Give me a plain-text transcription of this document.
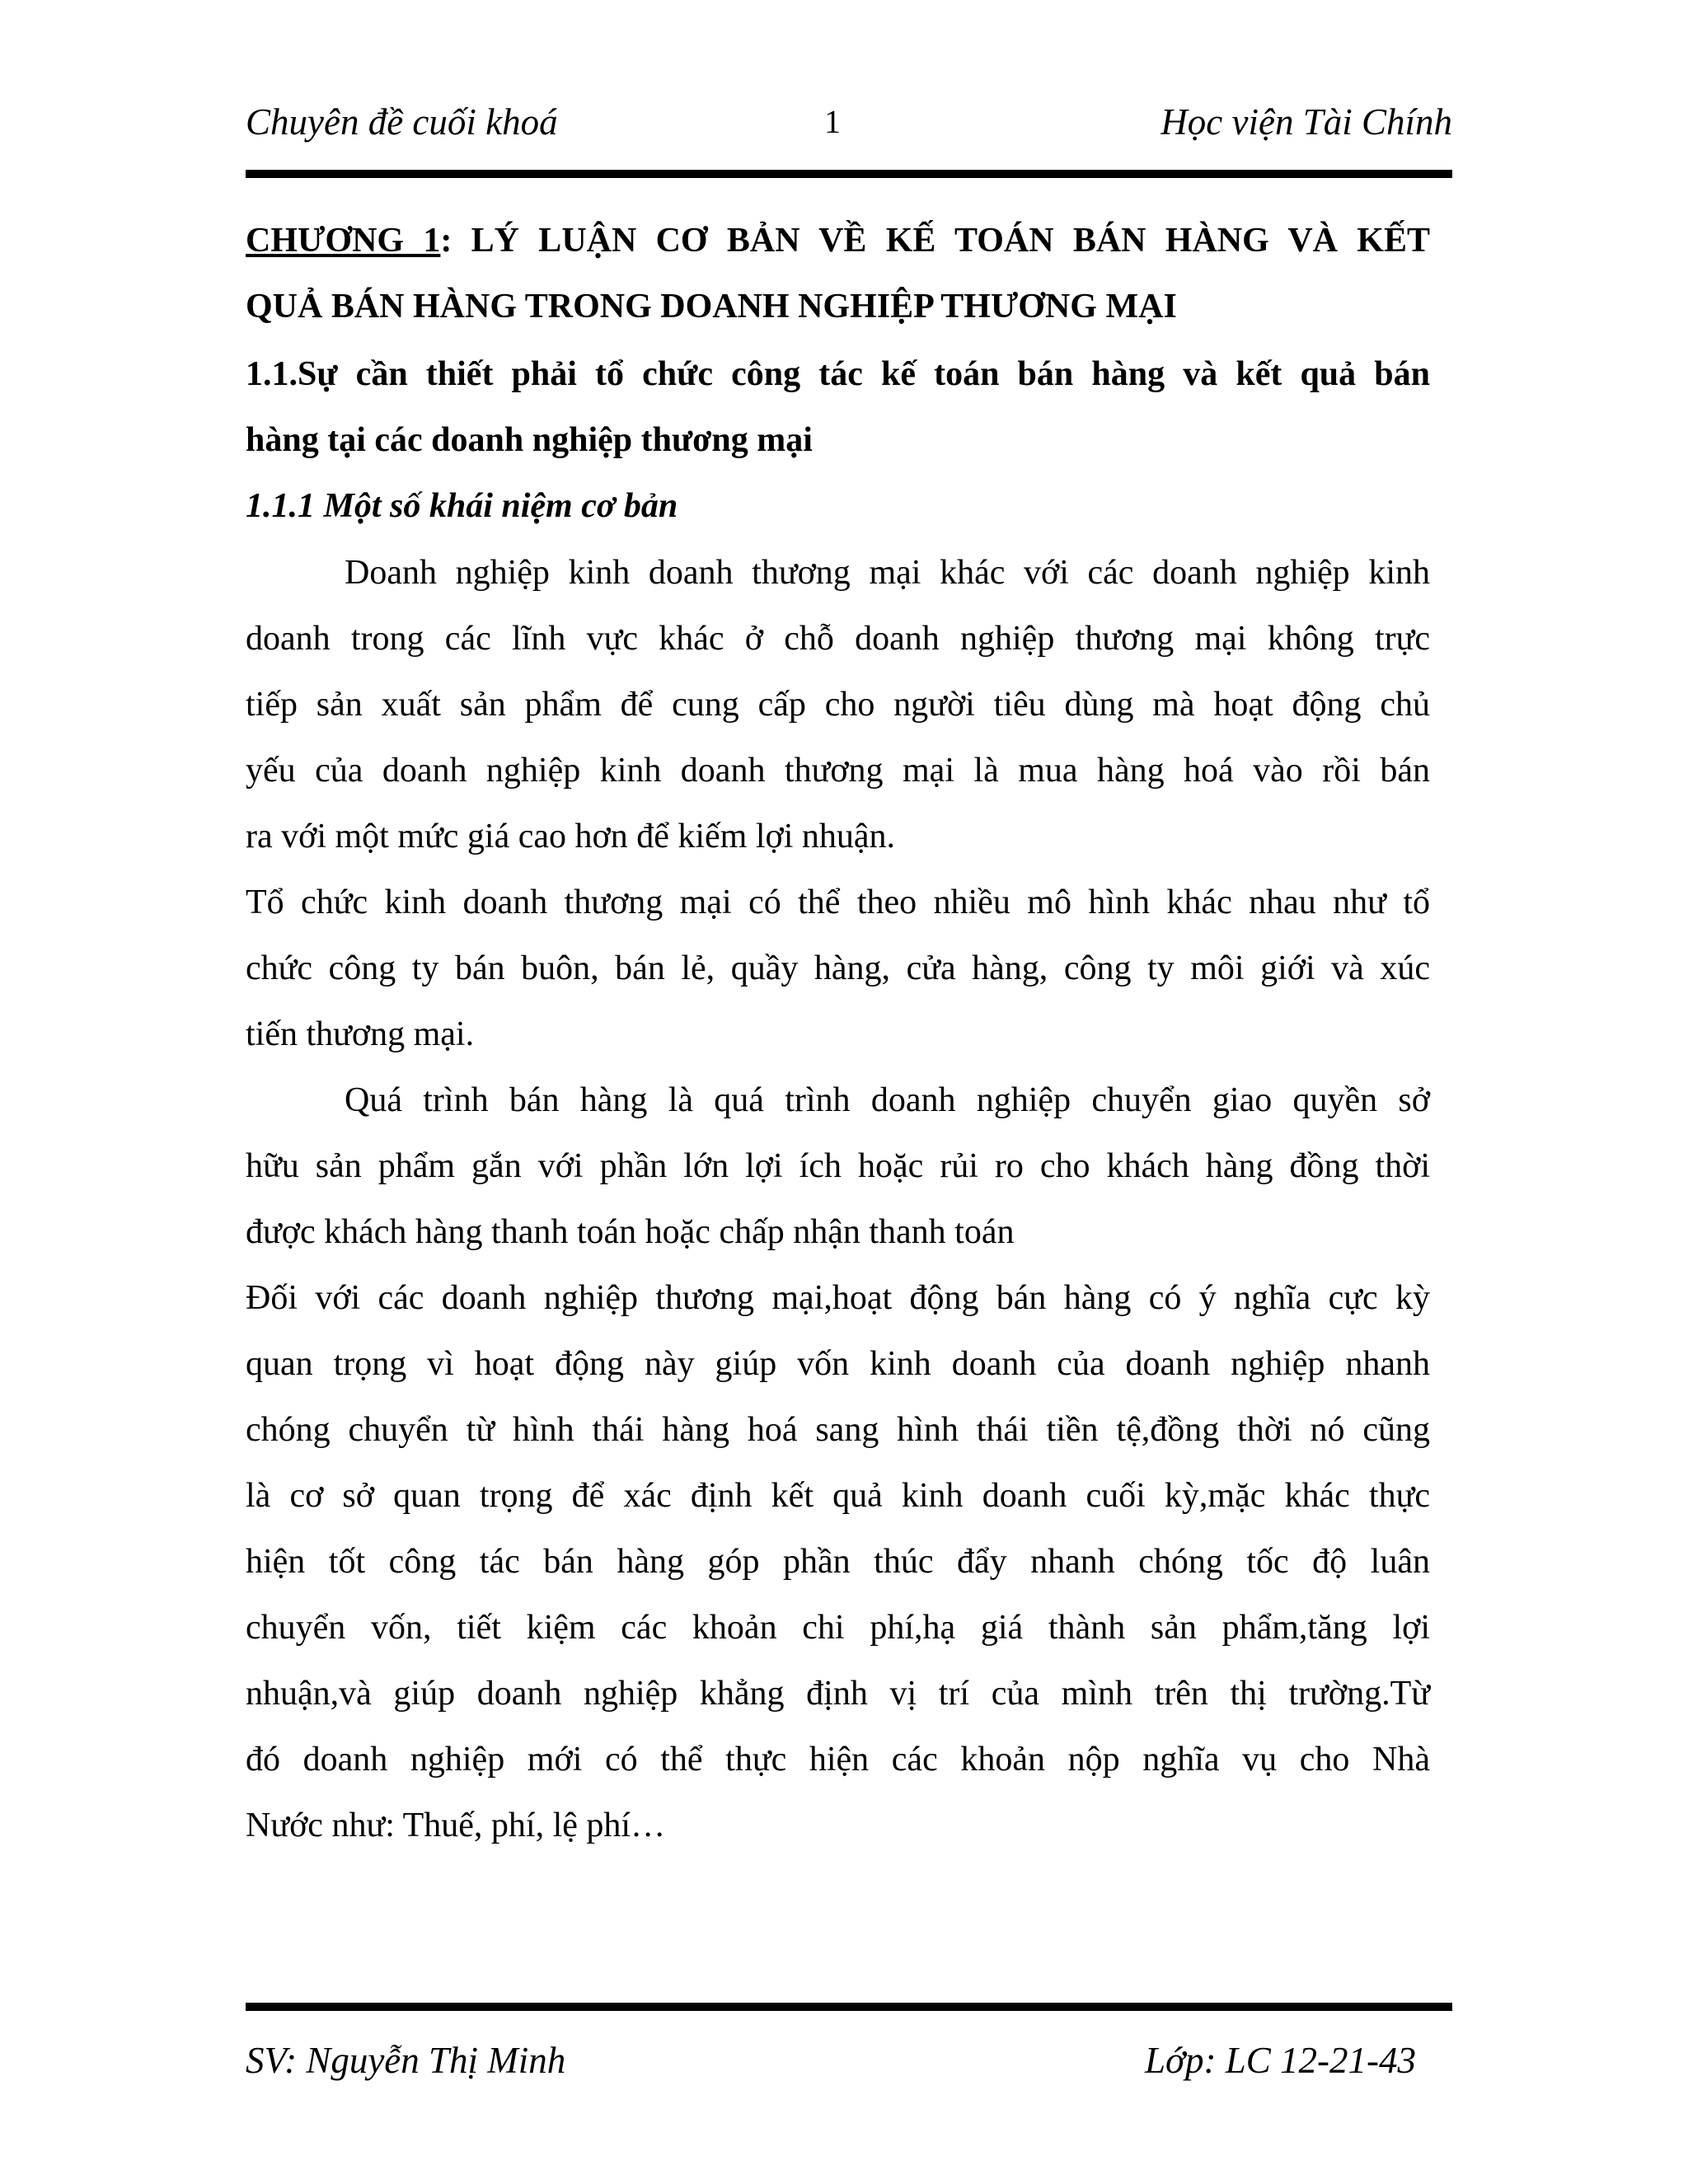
Chuyên đề cuối khoá	1	Học viện Tài Chính
CHƯƠNG 1: LÝ LUẬN CƠ BẢN VỀ KẾ TOÁN BÁN HÀNG VÀ KẾT
QUẢ BÁN HÀNG TRONG DOANH NGHIỆP THƯƠNG MẠI
1.1.Sự cần thiết phải tổ chức công tác kế toán bán hàng và kết quả bán
hàng tại các doanh nghiệp thương mại
1.1.1 Một số khái niệm cơ bản
Doanh nghiệp kinh doanh thương mại khác với các doanh nghiệp kinh
doanh trong các lĩnh vực khác ở chỗ doanh nghiệp thương mại không trực
tiếp sản xuất sản phẩm để cung cấp cho người tiêu dùng mà hoạt động chủ
yếu của doanh nghiệp kinh doanh thương mại là mua hàng hoá vào rồi bán
ra với một mức giá cao hơn để kiếm lợi nhuận.
Tổ chức kinh doanh thương mại có thể theo nhiều mô hình khác nhau như tổ
chức công ty bán buôn, bán lẻ, quầy hàng, cửa hàng, công ty môi giới và xúc
tiến thương mại.
Quá trình bán hàng là quá trình doanh nghiệp chuyển giao quyền sở
hữu sản phẩm gắn với phần lớn lợi ích hoặc rủi ro cho khách hàng đồng thời
được khách hàng thanh toán hoặc chấp nhận thanh toán
Đối với các doanh nghiệp thương mại,hoạt động bán hàng có ý nghĩa cực kỳ
quan trọng vì hoạt động này giúp vốn kinh doanh của doanh nghiệp nhanh
chóng chuyển từ hình thái hàng hoá sang hình thái tiền tệ,đồng thời nó cũng
là cơ sở quan trọng để xác định kết quả kinh doanh cuối kỳ,mặc khác thực
hiện tốt công tác bán hàng góp phần thúc đẩy nhanh chóng tốc độ luân
chuyển vốn, tiết kiệm các khoản chi phí,hạ giá thành sản phẩm,tăng lợi
nhuận,và giúp doanh nghiệp khẳng định vị trí của mình trên thị trường.Từ
đó doanh nghiệp mới có thể thực hiện các khoản nộp nghĩa vụ cho Nhà
Nước như: Thuế, phí, lệ phí…
SV: Nguyễn Thị Minh	Lớp: LC 12-21-43
